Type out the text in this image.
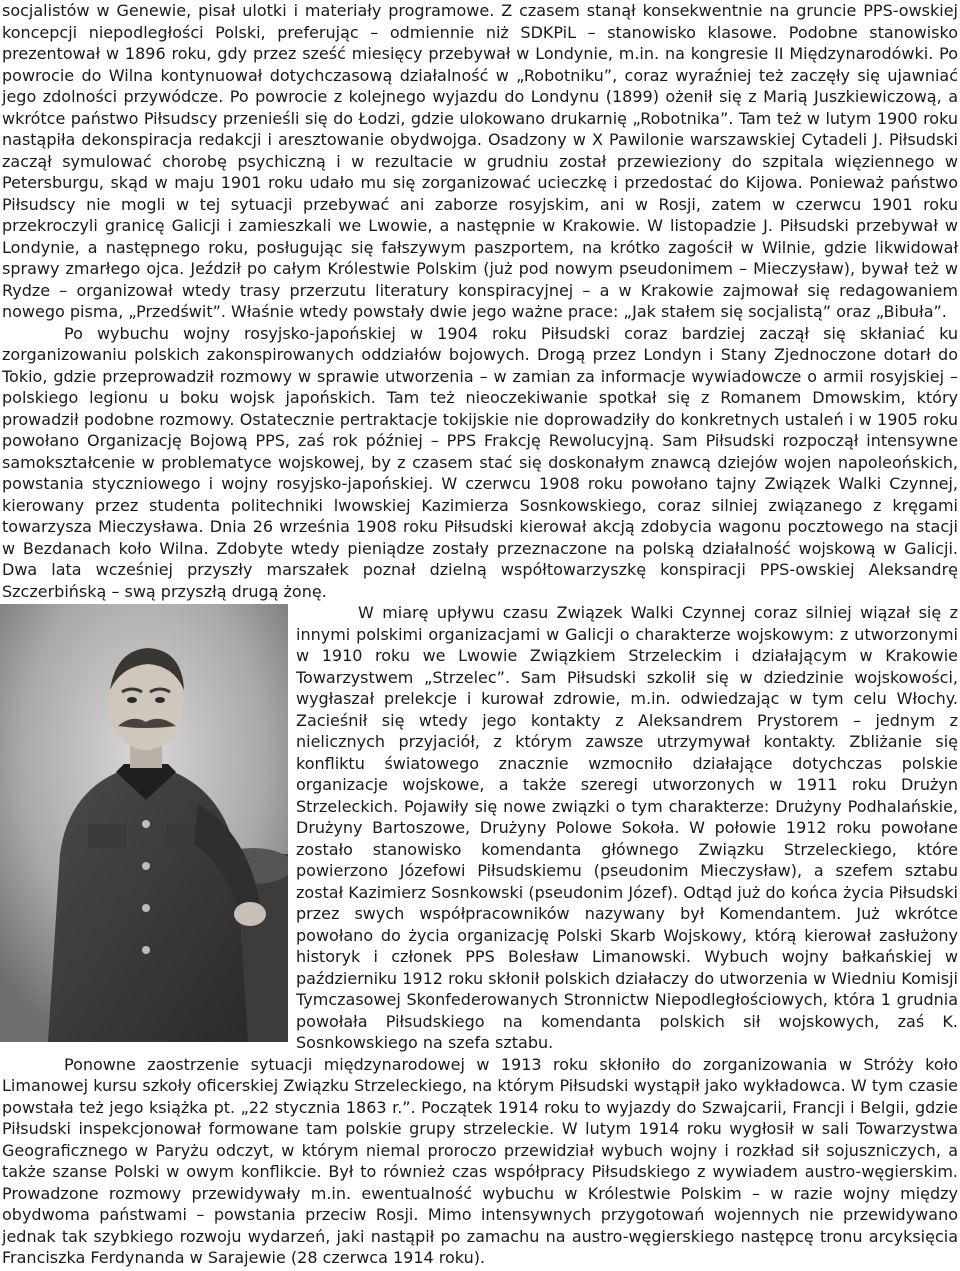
socjalistów w Genewie, pisał ulotki i materiały programowe. Z czasem stanął konsekwentnie na gruncie PPS-owskiej koncepcji niepodległości Polski, preferując – odmiennie niż SDKPiL – stanowisko klasowe. Podobne stanowisko prezentował w 1896 roku, gdy przez sześć miesięcy przebywał w Londynie, m.in. na kongresie II Międzynarodówki. Po powrocie do Wilna kontynuował dotychczasową działalność w „Robotniku”, coraz wyraźniej też zaczęły się ujawniać jego zdolności przywódcze. Po powrocie z kolejnego wyjazdu do Londynu (1899) ożenił się z Marią Juszkiewiczową, a wkrótce państwo Piłsudscy przenieśli się do Łodzi, gdzie ulokowano drukarnię „Robotnika”. Tam też w lutym 1900 roku nastąpiła dekonspiracja redakcji i aresztowanie obydwojga. Osadzony w X Pawilonie warszawskiej Cytadeli J. Piłsudski zaczął symulować chorobę psychiczną i w rezultacie w grudniu został przewieziony do szpitala więziennego w Petersburgu, skąd w maju 1901 roku udało mu się zorganizować ucieczkę i przedostać do Kijowa. Ponieważ państwo Piłsudscy nie mogli w tej sytuacji przebywać ani zaborze rosyjskim, ani w Rosji, zatem w czerwcu 1901 roku przekroczyli granicę Galicji i zamieszkali we Lwowie, a następnie w Krakowie. W listopadzie J. Piłsudski przebywał w Londynie, a następnego roku, posługując się fałszywym paszportem, na krótko zagościł w Wilnie, gdzie likwidował sprawy zmarłego ojca. Jeździł po całym Królestwie Polskim (już pod nowym pseudonimem – Mieczysław), bywał też w Rydze – organizował wtedy trasy przerzutu literatury konspiracyjnej – a w Krakowie zajmował się redagowaniem nowego pisma, „Przedświt”. Właśnie wtedy powstały dwie jego ważne prace: „Jak stałem się socjalistą” oraz „Bibuła”.

Po wybuchu wojny rosyjsko-japońskiej w 1904 roku Piłsudski coraz bardziej zaczął się skłaniać ku zorganizowaniu polskich zakonspirowanych oddziałów bojowych. Drogą przez Londyn i Stany Zjednoczone dotarł do Tokio, gdzie przeprowadził rozmowy w sprawie utworzenia – w zamian za informacje wywiadowcze o armii rosyjskiej – polskiego legionu u boku wojsk japońskich. Tam też nieoczekiwanie spotkał się z Romanem Dmowskim, który prowadził podobne rozmowy. Ostatecznie pertraktacje tokijskie nie doprowadziły do konkretnych ustaleń i w 1905 roku powołano Organizację Bojową PPS, zaś rok później – PPS Frakcję Rewolucyjną. Sam Piłsudski rozpoczął intensywne samokształcenie w problematyce wojskowej, by z czasem stać się doskonałym znawcą dziejów wojen napoleońskich, powstania styczniowego i wojny rosyjsko-japońskiej. W czerwcu 1908 roku powołano tajny Związek Walki Czynnej, kierowany przez studenta politechniki lwowskiej Kazimierza Sosnkowskiego, coraz silniej związanego z kręgami towarzysza Mieczysława. Dnia 26 września 1908 roku Piłsudski kierował akcją zdobycia wagonu pocztowego na stacji w Bezdanach koło Wilna. Zdobyte wtedy pieniądze zostały przeznaczone na polską działalność wojskową w Galicji. Dwa lata wcześniej przyszły marszałek poznał dzielną współtowarzyszkę konspiracji PPS-owskiej Aleksandrę Szczerbińską – swą przyszłą drugą żonę.

W miarę upływu czasu Związek Walki Czynnej coraz silniej wiązał się z innymi polskimi organizacjami w Galicji o charakterze wojskowym: z utworzonymi w 1910 roku we Lwowie Związkiem Strzeleckim i działającym w Krakowie Towarzystwem „Strzelec”. Sam Piłsudski szkolił się w dziedzinie wojskowości, wygłaszał prelekcje i kurował zdrowie, m.in. odwiedzając w tym celu Włochy. Zacieśnił się wtedy jego kontakty z Aleksandrem Prystorem – jednym z nielicznych przyjaciół, z którym zawsze utrzymywał kontakty. Zbliżanie się konfliktu światowego znacznie wzmocniło działające dotychczas polskie organizacje wojskowe, a także szeregi utworzonych w 1911 roku Drużyn Strzeleckich. Pojawiły się nowe związki o tym charakterze: Drużyny Podhalańskie, Drużyny Bartoszowe, Drużyny Polowe Sokoła. W połowie 1912 roku powołane zostało stanowisko komendanta głównego Związku Strzeleckiego, które powierzono Józefowi Piłsudskiemu (pseudonim Mieczysław), a szefem sztabu został Kazimierz Sosnkowski (pseudonim Józef). Odtąd już do końca życia Piłsudski przez swych współpracowników nazywany był Komendantem. Już wkrótce powołano do życia organizację Polski Skarb Wojskowy, którą kierował zasłużony historyk i członek PPS Bolesław Limanowski. Wybuch wojny bałkańskiej w październiku 1912 roku skłonił polskich działaczy do utworzenia w Wiedniu Komisji Tymczasowej Skonfederowanych Stronnictw Niepodległościowych, która 1 grudnia powołała Piłsudskiego na komendanta polskich sił wojskowych, zaś K. Sosnkowskiego na szefa sztabu.

Ponowne zaostrzenie sytuacji międzynarodowej w 1913 roku skłoniło do zorganizowania w Stróży koło Limanowej kursu szkoły oficerskiej Związku Strzeleckiego, na którym Piłsudski wystąpił jako wykładowca. W tym czasie powstała też jego książka pt. „22 stycznia 1863 r.”. Początek 1914 roku to wyjazdy do Szwajcarii, Francji i Belgii, gdzie Piłsudski inspekcjonował formowane tam polskie grupy strzeleckie. W lutym 1914 roku wygłosił w sali Towarzystwa Geograficznego w Paryżu odczyt, w którym niemal proroczo przewidział wybuch wojny i rozkład sił sojuszniczych, a także szanse Polski w owym konflikcie. Był to również czas współpracy Piłsudskiego z wywiadem austro-węgierskim. Prowadzone rozmowy przewidywały m.in. ewentualność wybuchu w Królestwie Polskim – w razie wojny między obydwoma państwami – powstania przeciw Rosji. Mimo intensywnych przygotowań wojennych nie przewidywano jednak tak szybkiego rozwoju wydarzeń, jaki nastąpił po zamachu na austro-węgierskiego następcę tronu arcyksięcia Franciszka Ferdynanda w Sarajewie (28 czerwca 1914 roku).
